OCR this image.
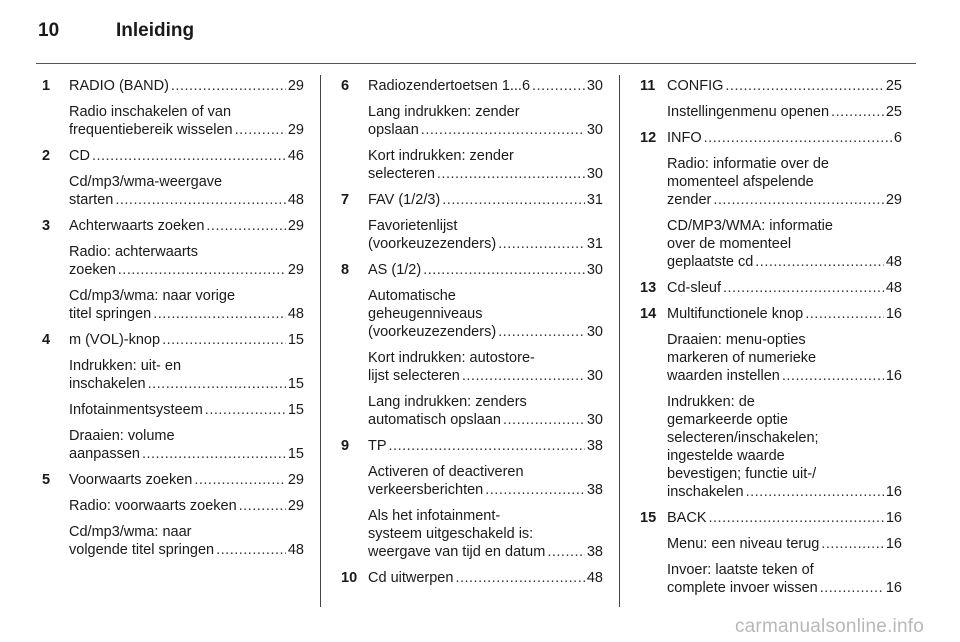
10	Inleiding
1 RADIO (BAND) .....	29
Radio inschakelen of van
frequentiebereik wisselen .....	29
2 CD .....	46
Cd/mp3/wma-weergave
starten .....	48
3 Achterwaarts zoeken .....	29
Radio: achterwaarts
zoeken .....	29
Cd/mp3/wma: naar vorige
titel springen .....	48
4 m (VOL)-knop .....	15
Indrukken: uit- en
inschakelen .....	15
Infotainmentsysteem .....	15
Draaien: volume
aanpassen .....	15
5 Voorwaarts zoeken .....	29
Radio: voorwaarts zoeken .....	29
Cd/mp3/wma: naar
volgende titel springen .....	48
6 Radiozendertoetsen 1...6 .....	30
Lang indrukken: zender
opslaan .....	30
Kort indrukken: zender
selecteren .....	30
7 FAV (1/2/3) .....	31
Favorietenlijst
(voorkeuzezenders) .....	31
8 AS (1/2) .....	30
Automatische
geheugenniveaus
(voorkeuzezenders) .....	30
Kort indrukken: autostore-
lijst selecteren .....	30
Lang indrukken: zenders
automatisch opslaan .....	30
9 TP .....	38
Activeren of deactiveren
verkeersberichten .....	38
Als het infotainment-
systeem uitgeschakeld is:
weergave van tijd en datum .....	38
10 Cd uitwerpen .....	48
11 CONFIG .....	25
Instellingenmenu openen .....	25
12 INFO .....	6
Radio: informatie over de
momenteel afspelende
zender .....	29
CD/MP3/WMA: informatie
over de momenteel
geplaatste cd .....	48
13 Cd-sleuf .....	48
14 Multifunctionele knop .....	16
Draaien: menu-opties
markeren of numerieke
waarden instellen .....	16
Indrukken: de
gemarkeerde optie
selecteren/inschakelen;
ingestelde waarde
bevestigen; functie uit-/
inschakelen .....	16
15 BACK .....	16
Menu: een niveau terug .....	16
Invoer: laatste teken of
complete invoer wissen .....	16
carmanualsonline.info
